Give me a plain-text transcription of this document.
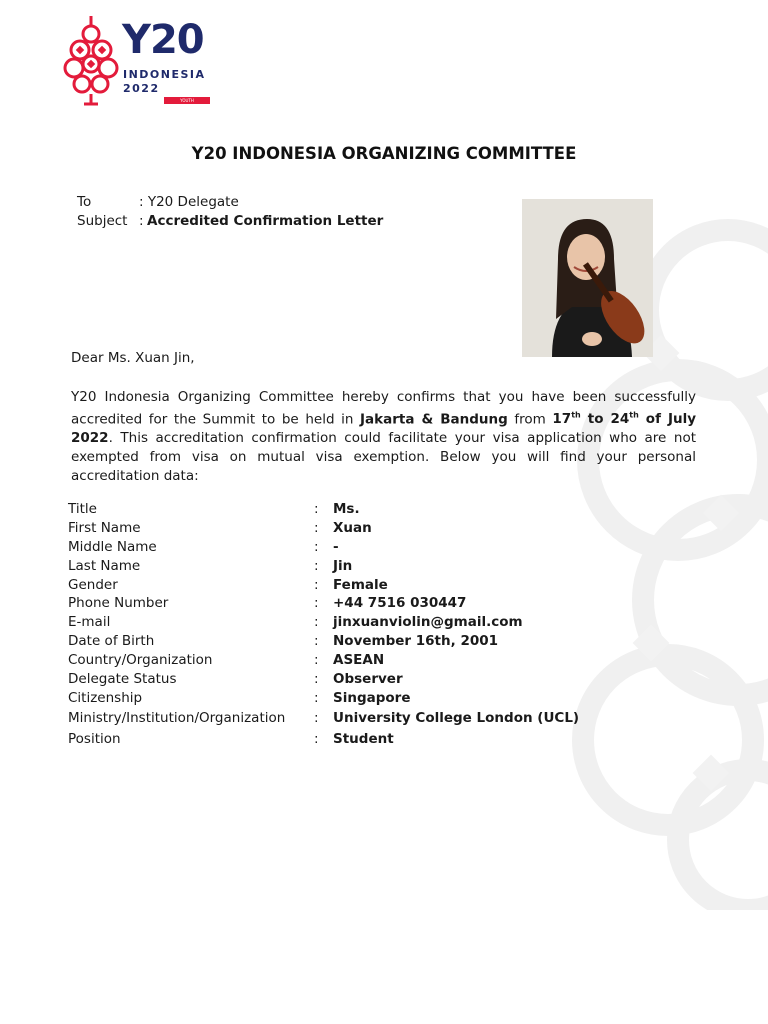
Y20
INDONESIA
2022
YOUTH
Y20 INDONESIA ORGANIZING COMMITTEE
To	: Y20 Delegate
Subject : Accredited Confirmation Letter
Dear Ms. Xuan Jin,
Y20 Indonesia Organizing Committee hereby confirms that you have been successfully accredited for the Summit to be held in Jakarta & Bandung from 17th to 24th of July 2022. This accreditation confirmation could facilitate your visa application who are not exempted from visa on mutual visa exemption. Below you will find your personal accreditation data:
Title	:	Ms.
First Name	:	Xuan
Middle Name	:	-
Last Name	:	Jin
Gender	:	Female
Phone Number	:	+44 7516 030447
E-mail	:	jinxuanviolin@gmail.com
Date of Birth	:	November 16th, 2001
Country/Organization	:	ASEAN
Delegate Status	:	Observer
Citizenship	:	Singapore
Ministry/Institution/Organization	:	University College London (UCL)
Position	:	Student
